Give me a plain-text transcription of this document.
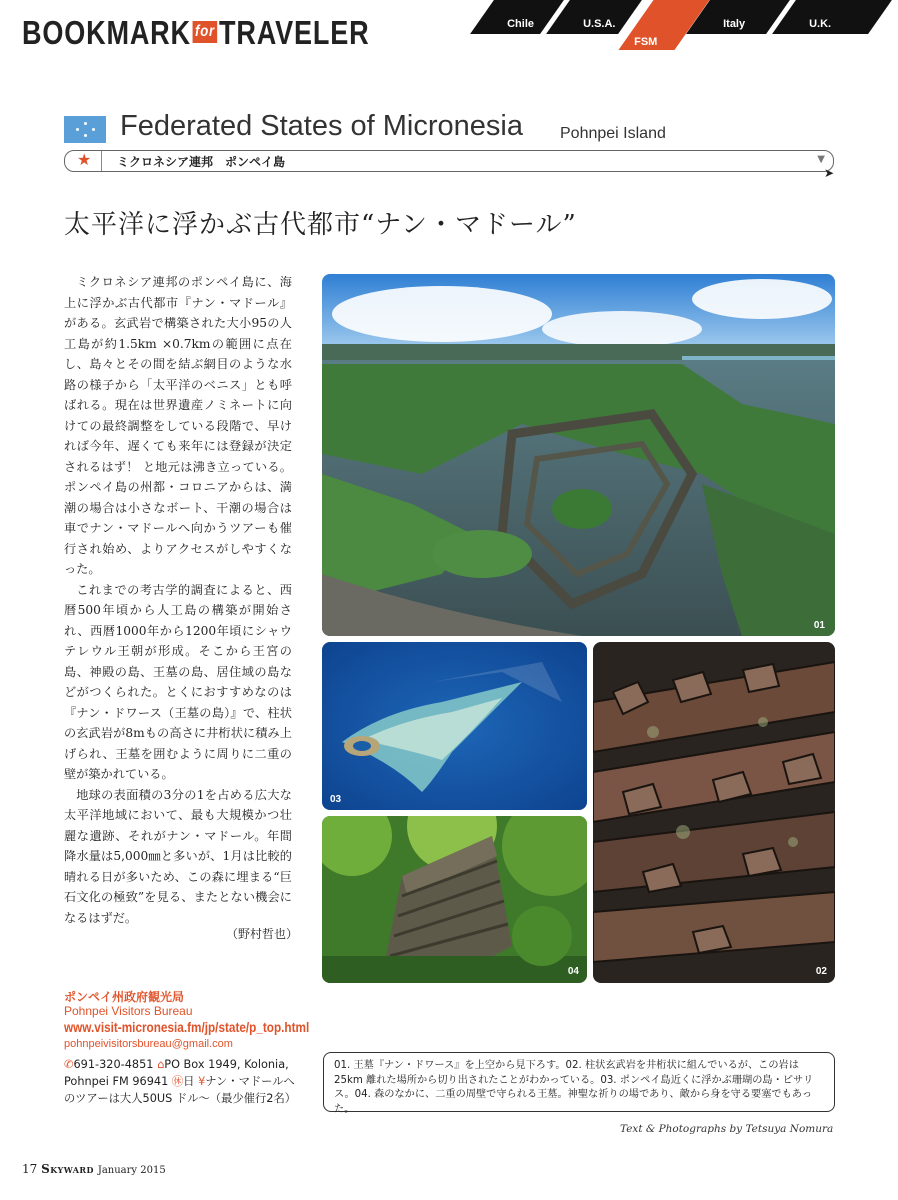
BOOKMARK for TRAVELER	Chile	U.S.A.
FSM
Italy	U.K.
Federated States of Micronesia Pohnpei Island
★ ミクロネシア連邦　ポンペイ島	▼
➤
太平洋に浮かぶ古代都市“ナン・マドール”

ミクロネシア連邦のポンペイ島に、海上に浮かぶ古代都市『ナン・マドール』がある。玄武岩で構築された大小95の人工島が約1.5km ×0.7kmの範囲に点在し、島々とその間を結ぶ網目のような水路の様子から「太平洋のベニス」とも呼ばれる。現在は世界遺産ノミネートに向けての最終調整をしている段階で、早ければ今年、遅くても来年には登録が決定されるはず！ と地元は沸き立っている。ポンペイ島の州都・コロニアからは、満潮の場合は小さなボート、干潮の場合は車でナン・マドールへ向かうツアーも催行され始め、よりアクセスがしやすくなった。

これまでの考古学的調査によると、西暦500年頃から人工島の構築が開始され、西暦1000年から1200年頃にシャウテレウル王朝が形成。そこから王宮の島、神殿の島、王墓の島、居住域の島などがつくられた。とくにおすすめなのは『ナン・ドワース（王墓の島）』で、柱状の玄武岩が8mもの高さに井桁状に積み上げられ、王墓を囲むように周りに二重の壁が築かれている。

地球の表面積の3分の1を占める広大な太平洋地域において、最も大規模かつ壮麗な遺跡、それがナン・マドール。年間降水量は5,000㎜と多いが、1月は比較的晴れる日が多いため、この森に埋まる“巨石文化の極致”を見る、またとない機会になるはずだ。

（野村哲也）
01
03
04	02
ポンペイ州政府観光局
Pohnpei Visitors Bureau
www.visit-micronesia.fm/jp/state/p_top.html
pohnpeivisitorsbureau@gmail.com
✆691-320-4851 ⌂PO Box 1949, Kolonia, Pohnpei FM 96941 ㊡日 ¥ナン・マドールへのツアーは大人50US ドル～（最少催行2名）
01. 王墓『ナン・ドワース』を上空から見下ろす。02. 柱状玄武岩を井桁状に組んでいるが、この岩は25km 離れた場所から切り出されたことがわかっている。03. ポンペイ島近くに浮かぶ珊瑚の島・ピサリス。04. 森のなかに、二重の周壁で守られる王墓。神聖な祈りの場であり、敵から身を守る要塞でもあった。
Text & Photographs by Tetsuya Nomura
17 Skyward January 2015
